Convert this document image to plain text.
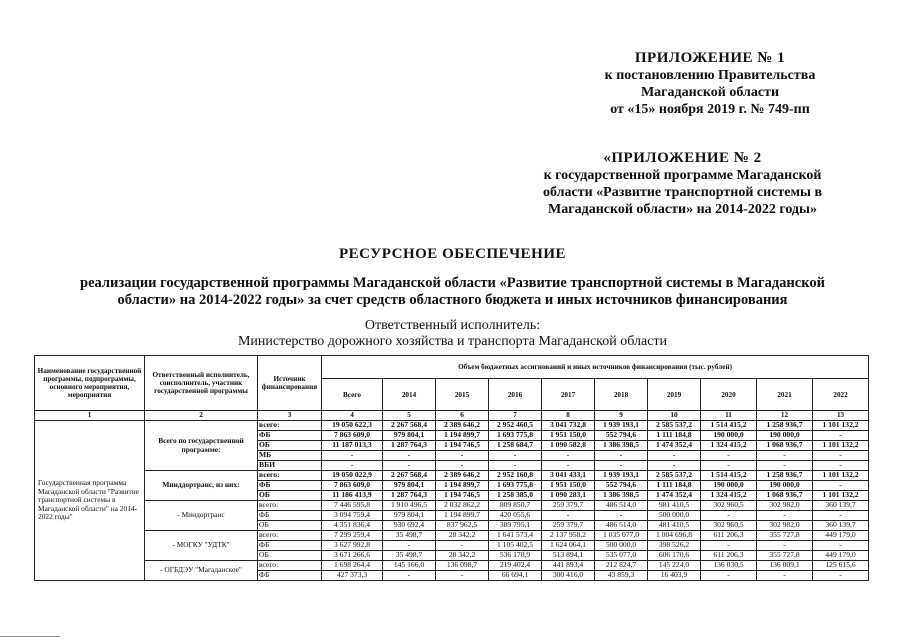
ПРИЛОЖЕНИЕ № 1
к постановлению Правительства
Магаданской области
от «15» ноября 2019 г. № 749-пп
«ПРИЛОЖЕНИЕ № 2
к государственной программе Магаданской
области «Развитие транспортной системы в
Магаданской области» на 2014-2022 годы»
РЕСУРСНОЕ ОБЕСПЕЧЕНИЕ
реализации государственной программы Магаданской области «Развитие транспортной системы в Магаданской
области» на 2014-2022 годы» за счет средств областного бюджета и иных источников финансирования
Ответственный исполнитель:
Министерство дорожного хозяйства и транспорта Магаданской области
Наименование государственной программы, подпрограммы, основного мероприятия, мероприятия	Ответственный исполнитель, соисполнитель, участник государственной программы	Источник финансирования	Объем бюджетных ассигнований и иных источников финансирования (тыс. рублей)									
			Всего	2014	2015	2016	2017	2018	2019	2020	2021	2022
1	2	3	4	5	6	7	8	9	10	11	12	13
Государственная программа Магаданской области "Развитие транспортной системы в Магаданской области" на 2014-2022 годы"	Всего по государственной программе:	всего:	19 050 622,3	2 267 568,4	2 389 646,2	2 952 460,5	3 041 732,8	1 939 193,1	2 585 537,2	1 514 415,2	1 258 936,7	1 101 132,2
		ФБ	7 863 609,0	979 804,1	1 194 899,7	1 693 775,8	1 951 150,0	552 794,6	1 111 184,8	190 000,0	190 000,0	-
		ОБ	11 187 013,3	1 287 764,3	1 194 746,5	1 258 684,7	1 090 582,8	1 386 398,5	1 474 352,4	1 324 415,2	1 068 936,7	1 101 132,2
		МБ	-	-	-	-	-	-	-	-	-	-
		ВБИ	-	-	-	-	-	-	-	-	-	-
	Минддортранс, из них:	всего:	19 050 022,9	2 267 568,4	2 389 646,2	2 952 160,8	3 041 433,1	1 939 193,1	2 585 537,2	1 514 415,2	1 258 936,7	1 101 132,2
		ФБ	7 863 609,0	979 804,1	1 194 899,7	1 693 775,8	1 951 150,0	552 794,6	1 111 184,8	190 000,0	190 000,0	-
		ОБ	11 186 413,9	1 287 764,3	1 194 746,5	1 258 385,0	1 090 283,1	1 386 398,5	1 474 352,4	1 324 415,2	1 068 936,7	1 101 132,2
	- Миндортранс	всего:	7 446 595,8	1 910 496,5	2 032 862,2	809 850,7	259 379,7	486 514,0	981 410,5	302 960,5	302 982,0	360 139,7
		ФБ	3 094 759,4	979 804,1	1 194 899,7	420 055,6	-	-	500 000,0	-	-	-
		ОБ	4 351 836,4	930 692,4	837 962,5	389 795,1	259 379,7	486 514,0	481 410,5	302 960,5	302 982,0	360 139,7
	- МОГКУ "УДТК"	всего:	7 299 259,4	35 498,7	28 342,2	1 641 573,4	2 137 958,2	1 035 077,0	1 004 696,8	611 206,3	355 727,8	449 179,0
		ФБ	3 627 992,8	-	-	1 105 402,5	1 624 064,1	500 000,0	398 526,2	-	-	-
		ОБ	3 671 266,6	35 498,7	28 342,2	536 170,9	513 894,1	535 077,0	606 170,6	611 206,3	355 727,8	449 179,0
	- ОГБДЭУ "Магаданское"	всего:	1 698 264,4	145 166,0	136 098,7	219 402,4	441 893,4	212 824,7	145 224,0	136 030,5	136 009,1	125 615,6
		ФБ	427 373,3	-	-	66 694,1	300 416,0	43 859,3	16 403,9	-	-	-
